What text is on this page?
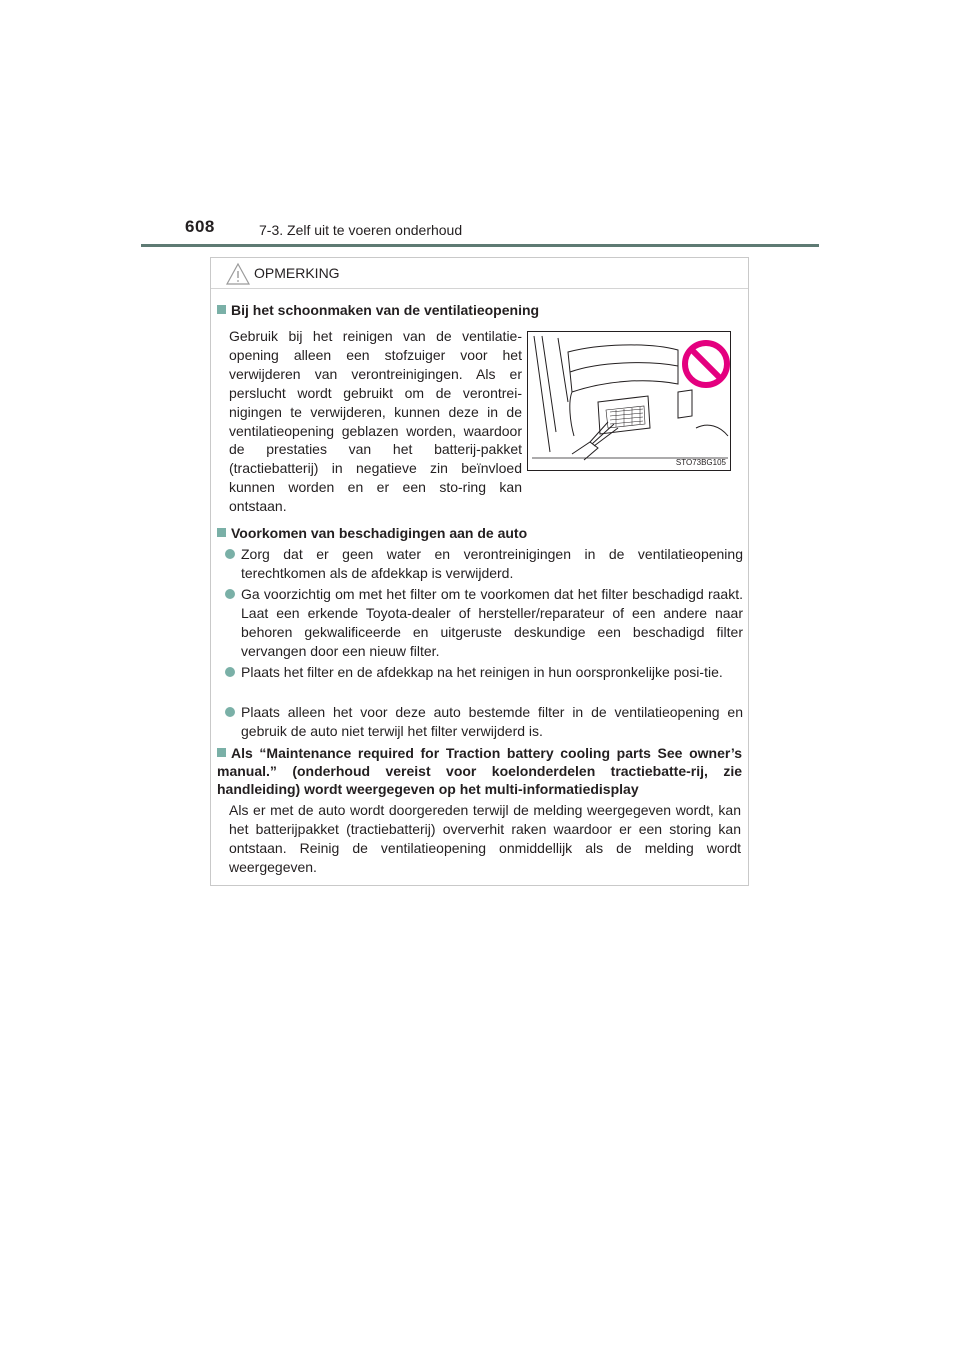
608	7-3. Zelf uit te voeren onderhoud
OPMERKING
Bij het schoonmaken van de ventilatieopening
Gebruik bij het reinigen van de ventilatie-opening alleen een stofzuiger voor het verwijderen van verontreinigingen. Als er perslucht wordt gebruikt om de verontrei-nigingen te verwijderen, kunnen deze in de ventilatieopening geblazen worden, waardoor de prestaties van het batterij-pakket (tractiebatterij) in negatieve zin beïnvloed kunnen worden en er een sto-ring kan ontstaan.
STO73BG105
Voorkomen van beschadigingen aan de auto
Zorg dat er geen water en verontreinigingen in de ventilatieopening terechtkomen als de afdekkap is verwijderd.
Ga voorzichtig om met het filter om te voorkomen dat het filter beschadigd raakt. Laat een erkende Toyota-dealer of hersteller/reparateur of een andere naar behoren gekwalificeerde en uitgeruste deskundige een beschadigd filter vervangen door een nieuw filter.
Plaats het filter en de afdekkap na het reinigen in hun oorspronkelijke posi-tie.
Plaats alleen het voor deze auto bestemde filter in de ventilatieopening en gebruik de auto niet terwijl het filter verwijderd is.
Als “Maintenance required for Traction battery cooling parts See owner’s manual.” (onderhoud vereist voor koelonderdelen tractiebatte-rij, zie handleiding) wordt weergegeven op het multi-informatiedisplay
Als er met de auto wordt doorgereden terwijl de melding weergegeven wordt, kan het batterijpakket (tractiebatterij) oververhit raken waardoor er een storing kan ontstaan. Reinig de ventilatieopening onmiddellijk als de melding wordt weergegeven.
